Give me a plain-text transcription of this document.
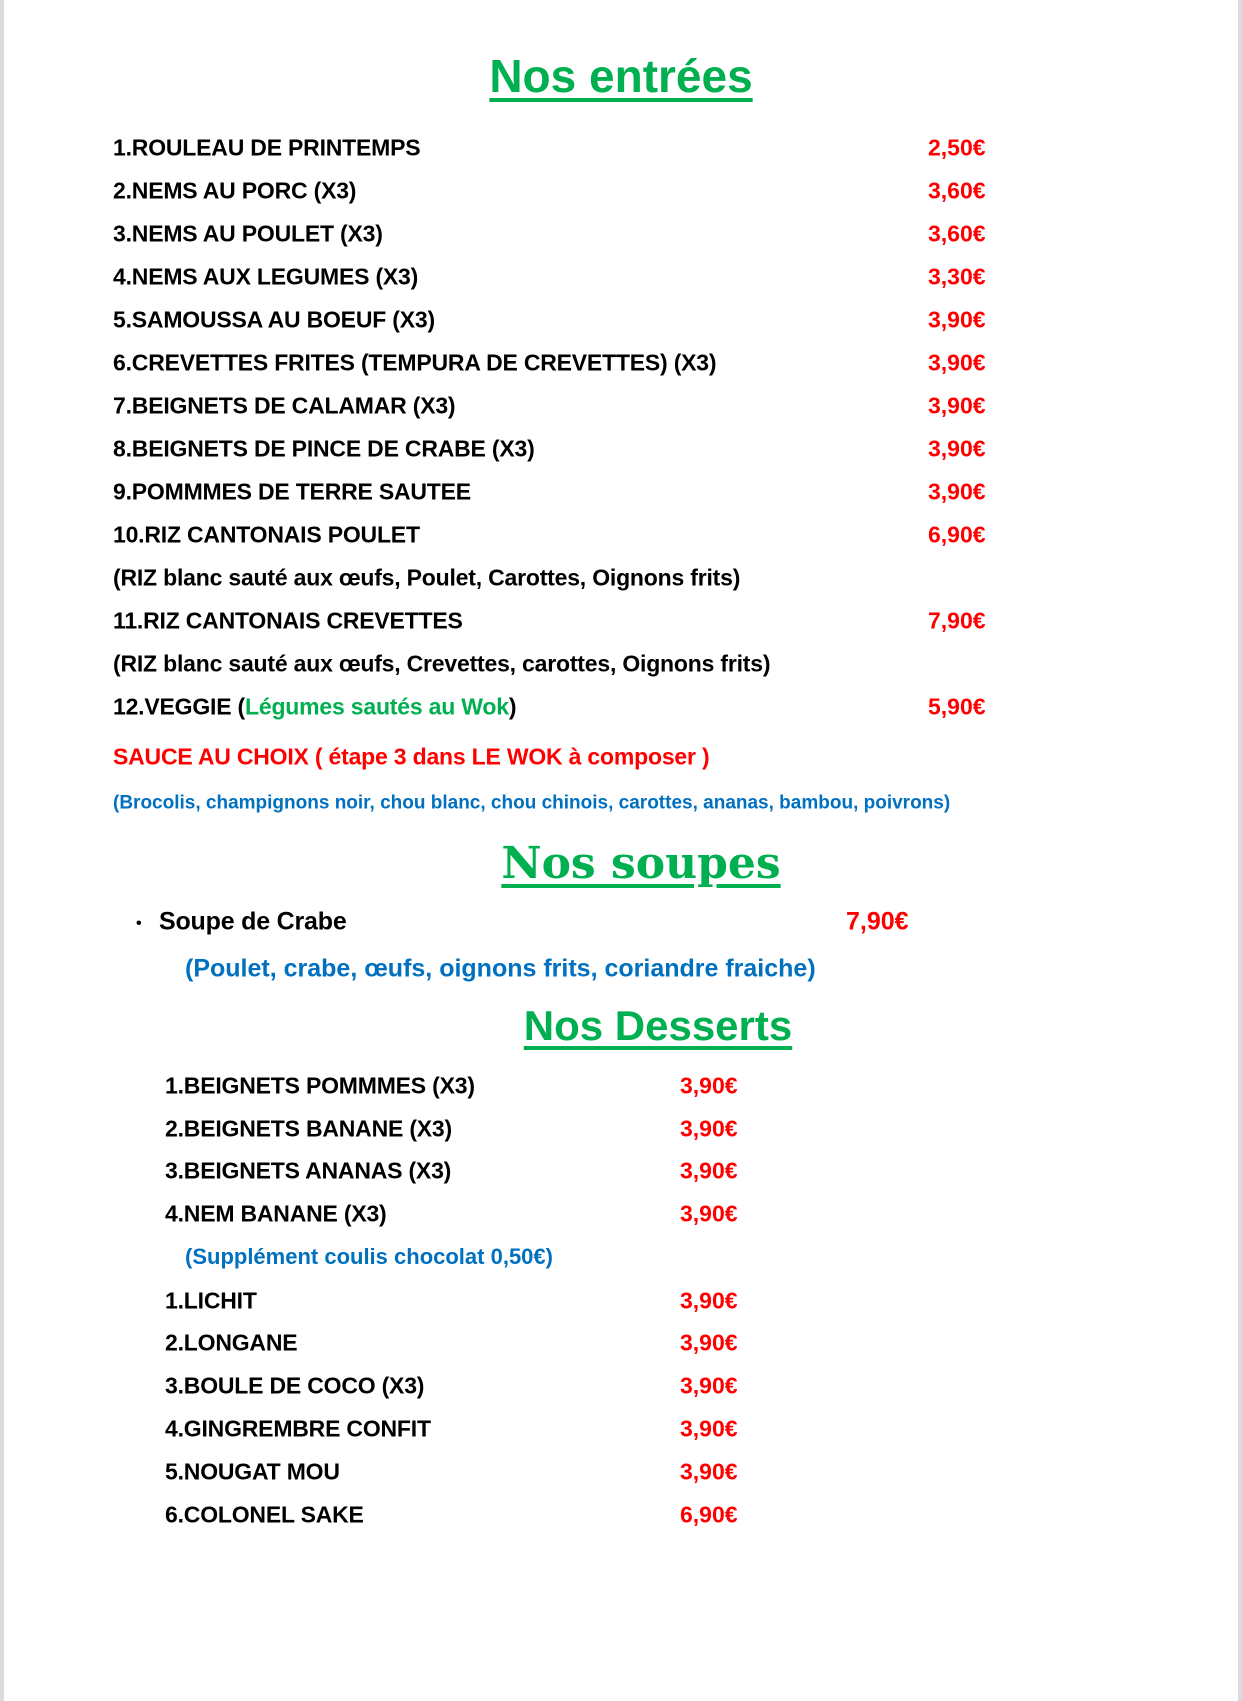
Nos entrées
1.ROULEAU DE PRINTEMPS	2,50€
2.NEMS AU PORC (X3)	3,60€
3.NEMS AU POULET (X3)	3,60€
4.NEMS AUX LEGUMES (X3)	3,30€
5.SAMOUSSA AU BOEUF (X3)	3,90€
6.CREVETTES FRITES (TEMPURA DE CREVETTES) (X3)	3,90€
7.BEIGNETS DE CALAMAR (X3)	3,90€
8.BEIGNETS DE PINCE DE CRABE (X3)	3,90€
9.POMMMES DE TERRE SAUTEE	3,90€
10.RIZ CANTONAIS POULET	6,90€
(RIZ blanc sauté aux œufs, Poulet, Carottes, Oignons frits)
11.RIZ CANTONAIS CREVETTES	7,90€
(RIZ blanc sauté aux œufs, Crevettes, carottes, Oignons frits)
12.VEGGIE (Légumes sautés au Wok)	5,90€
SAUCE AU CHOIX ( étape 3 dans LE WOK à composer )
(Brocolis, champignons noir, chou blanc, chou chinois, carottes, ananas, bambou, poivrons)
Nos soupes
• Soupe de Crabe	7,90€
(Poulet, crabe, œufs, oignons frits, coriandre fraiche)
Nos Desserts
1.BEIGNETS POMMMES (X3)	3,90€
2.BEIGNETS BANANE (X3)	3,90€
3.BEIGNETS ANANAS (X3)	3,90€
4.NEM BANANE (X3)	3,90€
(Supplément coulis chocolat 0,50€)
1.LICHIT	3,90€
2.LONGANE	3,90€
3.BOULE DE COCO (X3)	3,90€
4.GINGREMBRE CONFIT	3,90€
5.NOUGAT MOU	3,90€
6.COLONEL SAKE	6,90€
